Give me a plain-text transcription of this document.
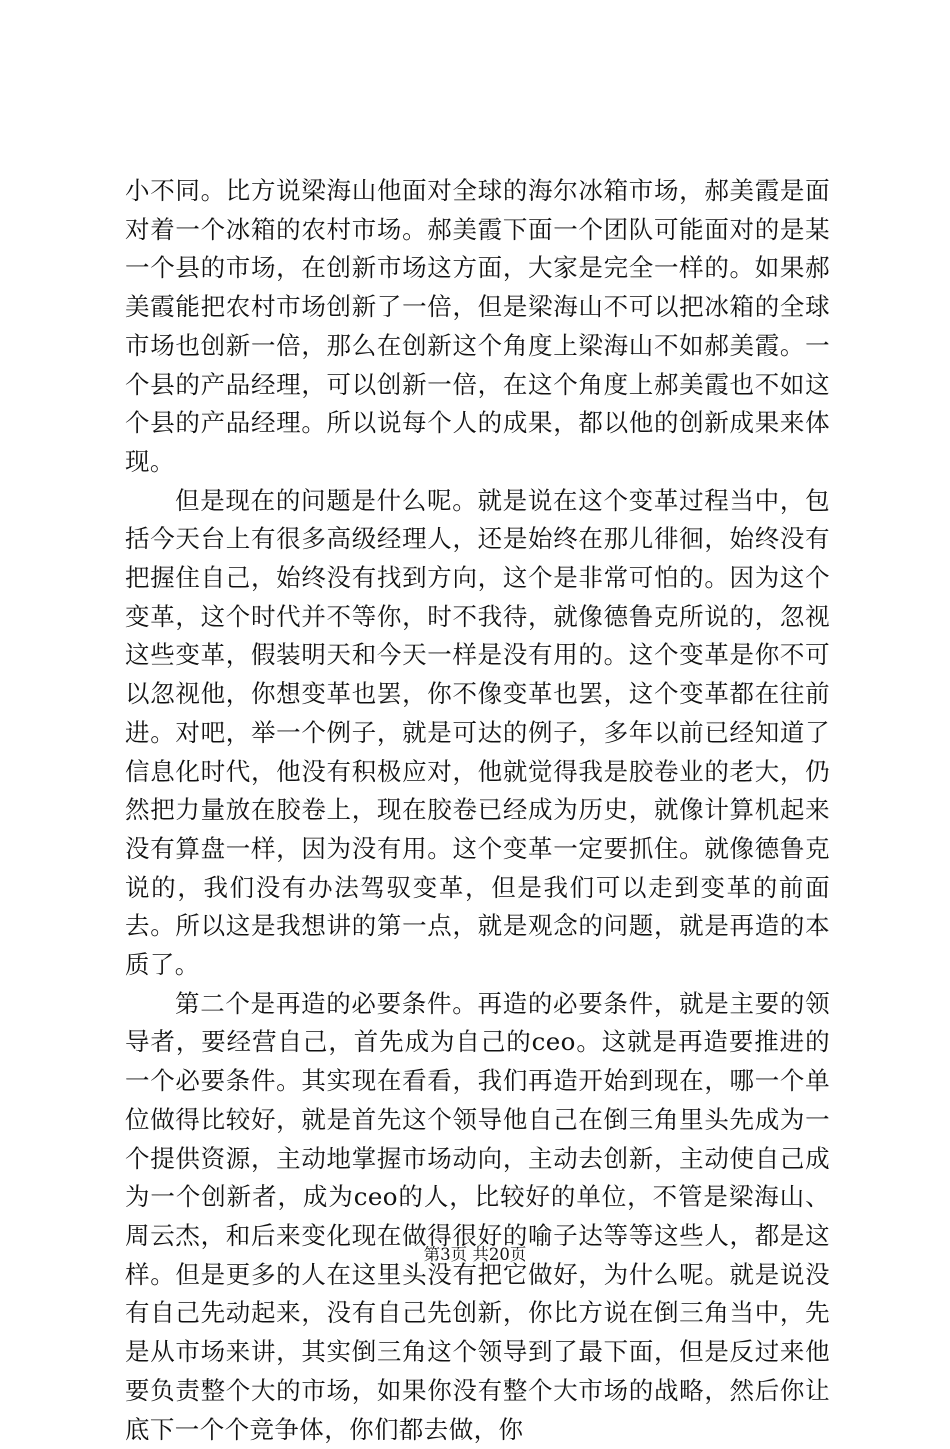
小不同。比方说梁海山他面对全球的海尔冰箱市场，郝美霞是面对着一个冰箱的农村市场。郝美霞下面一个团队可能面对的是某一个县的市场，在创新市场这方面，大家是完全一样的。如果郝美霞能把农村市场创新了一倍，但是梁海山不可以把冰箱的全球市场也创新一倍，那么在创新这个角度上梁海山不如郝美霞。一个县的产品经理，可以创新一倍，在这个角度上郝美霞也不如这个县的产品经理。所以说每个人的成果，都以他的创新成果来体现。

但是现在的问题是什么呢。就是说在这个变革过程当中，包括今天台上有很多高级经理人，还是始终在那儿徘徊，始终没有把握住自己，始终没有找到方向，这个是非常可怕的。因为这个变革，这个时代并不等你，时不我待，就像德鲁克所说的，忽视这些变革，假装明天和今天一样是没有用的。这个变革是你不可以忽视他，你想变革也罢，你不像变革也罢，这个变革都在往前进。对吧，举一个例子，就是可达的例子，多年以前已经知道了信息化时代，他没有积极应对，他就觉得我是胶卷业的老大，仍然把力量放在胶卷上，现在胶卷已经成为历史，就像计算机起来没有算盘一样，因为没有用。这个变革一定要抓住。就像德鲁克说的，我们没有办法驾驭变革，但是我们可以走到变革的前面去。所以这是我想讲的第一点，就是观念的问题，就是再造的本质了。

第二个是再造的必要条件。再造的必要条件，就是主要的领导者，要经营自己，首先成为自己的ceo。这就是再造要推进的一个必要条件。其实现在看看，我们再造开始到现在，哪一个单位做得比较好，就是首先这个领导他自己在倒三角里头先成为一个提供资源，主动地掌握市场动向，主动去创新，主动使自己成为一个创新者，成为ceo的人，比较好的单位，不管是梁海山、周云杰，和后来变化现在做得很好的喻子达等等这些人，都是这样。但是更多的人在这里头没有把它做好，为什么呢。就是说没有自己先动起来，没有自己先创新，你比方说在倒三角当中，先是从市场来讲，其实倒三角这个领导到了最下面，但是反过来他要负责整个大的市场，如果你没有整个大市场的战略，然后你让底下一个个竞争体，你们都去做，你

第3页 共20页
